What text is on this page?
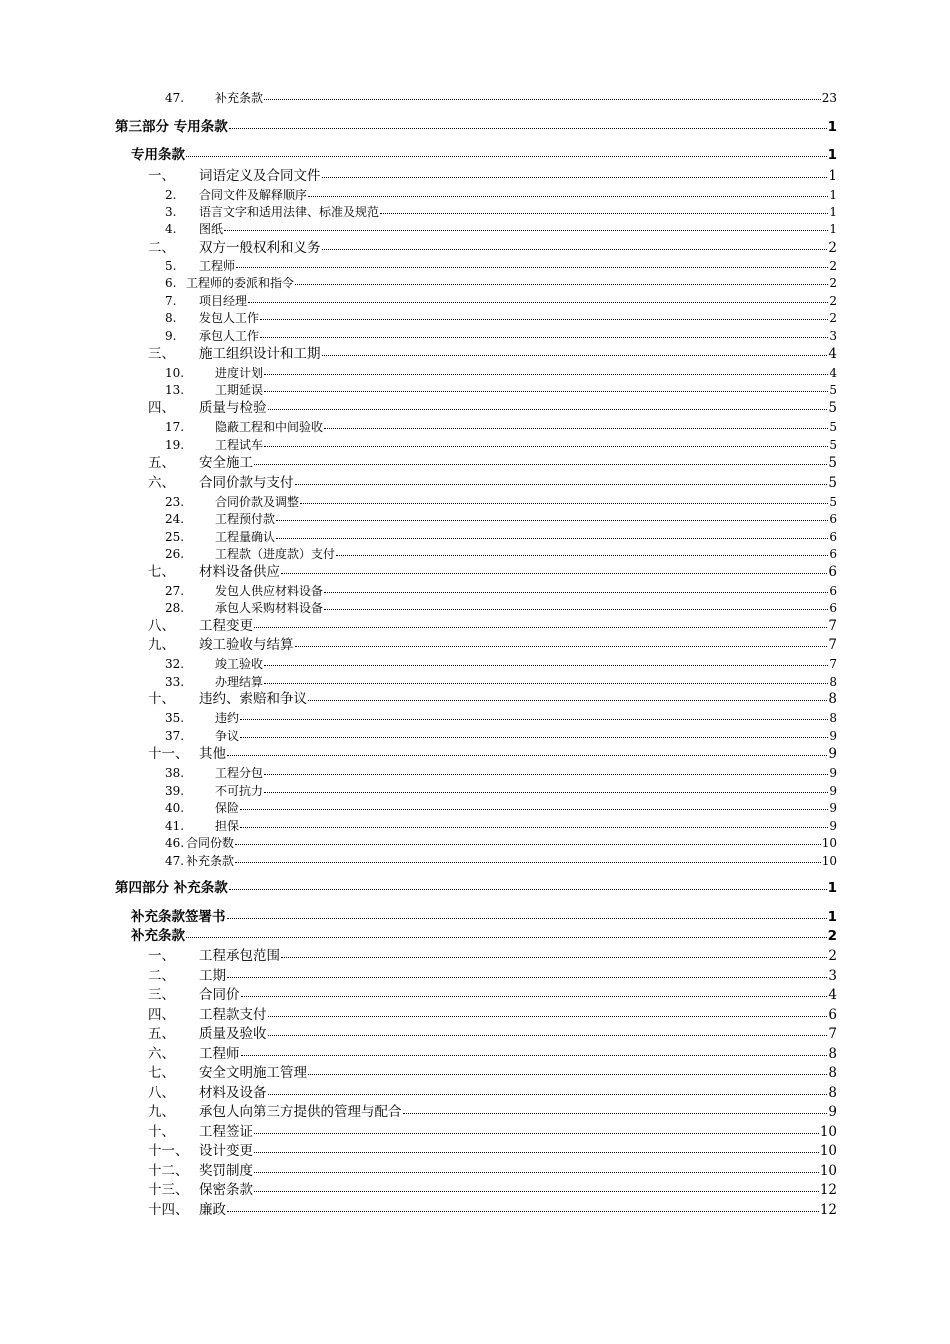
47.	补充条款	23
第三部分 专用条款	1
专用条款	1
一、	词语定义及合同文件	1
2.	合同文件及解释顺序	1
3.	语言文字和适用法律、标准及规范	1
4.	图纸	1
二、	双方一般权利和义务	2
5.	工程师	2
6. 工程师的委派和指令	2
7.	项目经理	2
8.	发包人工作	2
9.	承包人工作	3
三、	施工组织设计和工期	4
10.	进度计划	4
13.	工期延误	5
四、	质量与检验	5
17.	隐蔽工程和中间验收	5
19.	工程试车	5
五、	安全施工	5
六、	合同价款与支付	5
23.	合同价款及调整	5
24.	工程预付款	6
25.	工程量确认	6
26.	工程款（进度款）支付	6
七、	材料设备供应	6
27.	发包人供应材料设备	6
28.	承包人采购材料设备	6
八、	工程变更	7
九、	竣工验收与结算	7
32.	竣工验收	7
33.	办理结算	8
十、	违约、索赔和争议	8
35.	违约	8
37.	争议	9
十一、 其他	9
38.	工程分包	9
39.	不可抗力	9
40.	保险	9
41.	担保	9
46. 合同份数	10
47. 补充条款	10
第四部分 补充条款	1
补充条款签署书	1
补充条款	2
一、	工程承包范围	2
二、	工期	3
三、	合同价	4
四、	工程款支付	6
五、	质量及验收	7
六、	工程师	8
七、	安全文明施工管理	8
八、	材料及设备	8
九、	承包人向第三方提供的管理与配合	9
十、	工程签证	10
十一、 设计变更	10
十二、 奖罚制度	10
十三、 保密条款	12
十四、 廉政	12
